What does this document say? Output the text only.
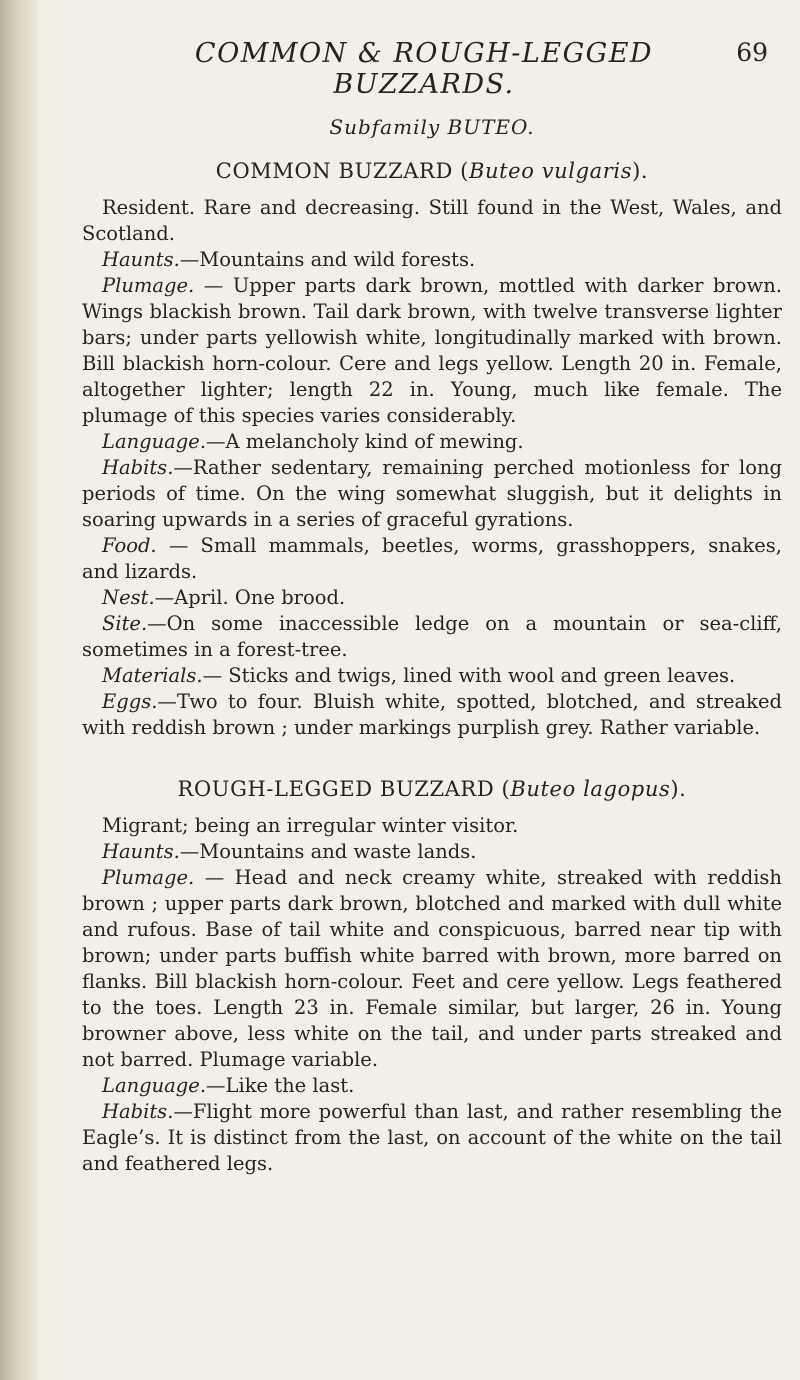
COMMON & ROUGH-LEGGED BUZZARDS.
69
Subfamily BUTEO.
COMMON BUZZARD (Buteo vulgaris).

Resident. Rare and decreasing. Still found in the West, Wales, and Scotland.

Haunts.—Mountains and wild forests.

Plumage. — Upper parts dark brown, mottled with darker brown. Wings blackish brown. Tail dark brown, with twelve transverse lighter bars; under parts yellowish white, longitudinally marked with brown. Bill blackish horn-colour. Cere and legs yellow. Length 20 in. Female, altogether lighter; length 22 in. Young, much like female. The plumage of this species varies considerably.

Language.—A melancholy kind of mewing.

Habits.—Rather sedentary, remaining perched motionless for long periods of time. On the wing somewhat sluggish, but it delights in soaring upwards in a series of graceful gyrations.

Food. — Small mammals, beetles, worms, grasshoppers, snakes, and lizards.

Nest.—April. One brood.

Site.—On some inaccessible ledge on a mountain or sea-cliff, sometimes in a forest-tree.

Materials.— Sticks and twigs, lined with wool and green leaves.

Eggs.—Two to four. Bluish white, spotted, blotched, and streaked with reddish brown ; under markings purplish grey. Rather variable.

ROUGH-LEGGED BUZZARD (Buteo lagopus).

Migrant; being an irregular winter visitor.

Haunts.—Mountains and waste lands.

Plumage. — Head and neck creamy white, streaked with reddish brown ; upper parts dark brown, blotched and marked with dull white and rufous. Base of tail white and conspicuous, barred near tip with brown; under parts buffish white barred with brown, more barred on flanks. Bill blackish horn-colour. Feet and cere yellow. Legs feathered to the toes. Length 23 in. Female similar, but larger, 26 in. Young browner above, less white on the tail, and under parts streaked and not barred. Plumage variable.

Language.—Like the last.

Habits.—Flight more powerful than last, and rather resembling the Eagle’s. It is distinct from the last, on account of the white on the tail and feathered legs.
